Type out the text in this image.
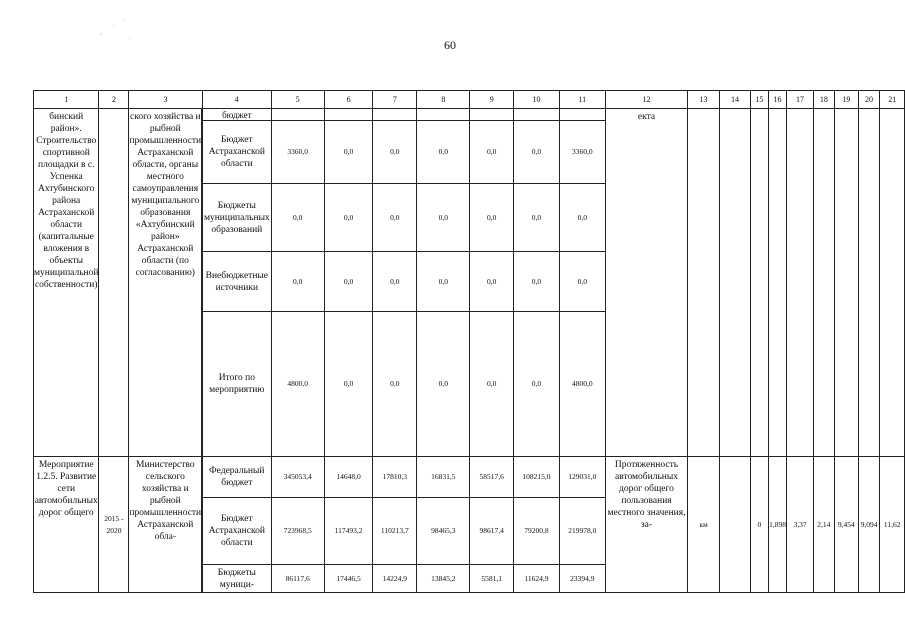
60
1	2	3	4	5	6	7	8	9	10	11	12	13	14	15	16	17	18	19	20	21
бинский район». Строительство спортивной площадки в с. Успенка Ахтубинского района Астраханской области (капитальные вложения в объекты муниципальной собственности)		ского хозяйства и рыбной промышленности Астраханской области, органы местного самоуправления муниципального образования «Ахтубинский район» Астраханской области (по согласованию)	бюджет								екта									
			Бюджет Астраханской области	3360,0	0,0	0,0	0,0	0,0	0,0	3360,0										
			Бюджеты муниципальных образований	0,0	0,0	0,0	0,0	0,0	0,0	0,0										
			Внебюджетные источники	0,0	0,0	0,0	0,0	0,0	0,0	0,0										
			Итого по мероприятию	4800,0	0,0	0,0	0,0	0,0	0,0	4800,0										
Мероприятие 1.2.5. Развитие сети автомобильных дорог общего	2015 - 2020	Министерство сельского хозяйства и рыбной промышленности Астраханской обла-	Федеральный бюджет	345053,4	14648,0	17810,3	16831,5	58517,6	108215,0	129031,0	Протяженность автомобильных дорог общего пользования местного значения, за-	км		0	1,898	3,37	2,14	9,454	9,094	11,62
			Бюджет Астраханской области	723968,5	117493,2	110213,7	98465,3	98617,4	79200,8	219978,0										
			Бюджеты муници-	86117,6	17446,5	14224,9	13845,2	5581,1	11624,9	23394,9										
